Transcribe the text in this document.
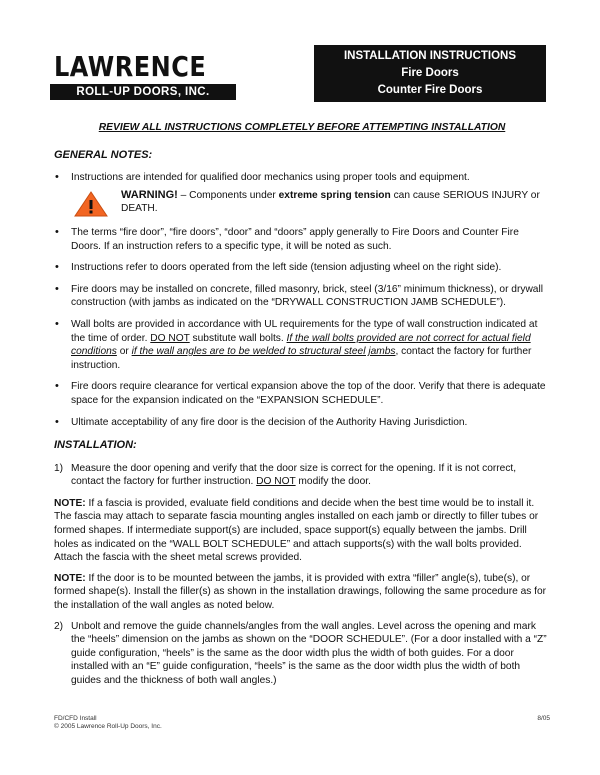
LAWRENCE
ROLL-UP DOORS, INC.
INSTALLATION INSTRUCTIONS
Fire Doors
Counter Fire Doors
REVIEW ALL INSTRUCTIONS COMPLETELY BEFORE ATTEMPTING INSTALLATION
GENERAL NOTES:
• Instructions are intended for qualified door mechanics using proper tools and equipment.
WARNING! – Components under extreme spring tension can cause SERIOUS INJURY or DEATH.
• The terms “fire door”, “fire doors”, “door” and “doors” apply generally to Fire Doors and Counter Fire Doors. If an instruction refers to a specific type, it will be noted as such.
• Instructions refer to doors operated from the left side (tension adjusting wheel on the right side).
• Fire doors may be installed on concrete, filled masonry, brick, steel (3/16” minimum thickness), or drywall construction (with jambs as indicated on the “DRYWALL CONSTRUCTION JAMB SCHEDULE”).
• Wall bolts are provided in accordance with UL requirements for the type of wall construction indicated at the time of order. DO NOT substitute wall bolts. If the wall bolts provided are not correct for actual field conditions or if the wall angles are to be welded to structural steel jambs, contact the factory for further instruction.
• Fire doors require clearance for vertical expansion above the top of the door. Verify that there is adequate space for the expansion indicated on the “EXPANSION SCHEDULE”.
• Ultimate acceptability of any fire door is the decision of the Authority Having Jurisdiction.
INSTALLATION:
1) Measure the door opening and verify that the door size is correct for the opening. If it is not correct, contact the factory for further instruction. DO NOT modify the door.
NOTE: If a fascia is provided, evaluate field conditions and decide when the best time would be to install it. The fascia may attach to separate fascia mounting angles installed on each jamb or directly to filler tubes or formed shapes. If intermediate support(s) are included, space support(s) equally between the jambs. Drill holes as indicated on the “WALL BOLT SCHEDULE” and attach supports(s) with the wall bolts provided. Attach the fascia with the sheet metal screws provided.
NOTE: If the door is to be mounted between the jambs, it is provided with extra “filler” angle(s), tube(s), or formed shape(s). Install the filler(s) as shown in the installation drawings, following the same procedure as for the installation of the wall angles as noted below.
2) Unbolt and remove the guide channels/angles from the wall angles. Level across the opening and mark the “heels” dimension on the jambs as shown on the “DOOR SCHEDULE”. (For a door installed with a “Z” guide configuration, “heels” is the same as the door width plus the width of both guides. For a door installed with an “E” guide configuration, “heels” is the same as the door width plus the width of both guides and the thickness of both wall angles.)
FD/CFD Install
© 2005 Lawrence Roll-Up Doors, Inc.
8/05
